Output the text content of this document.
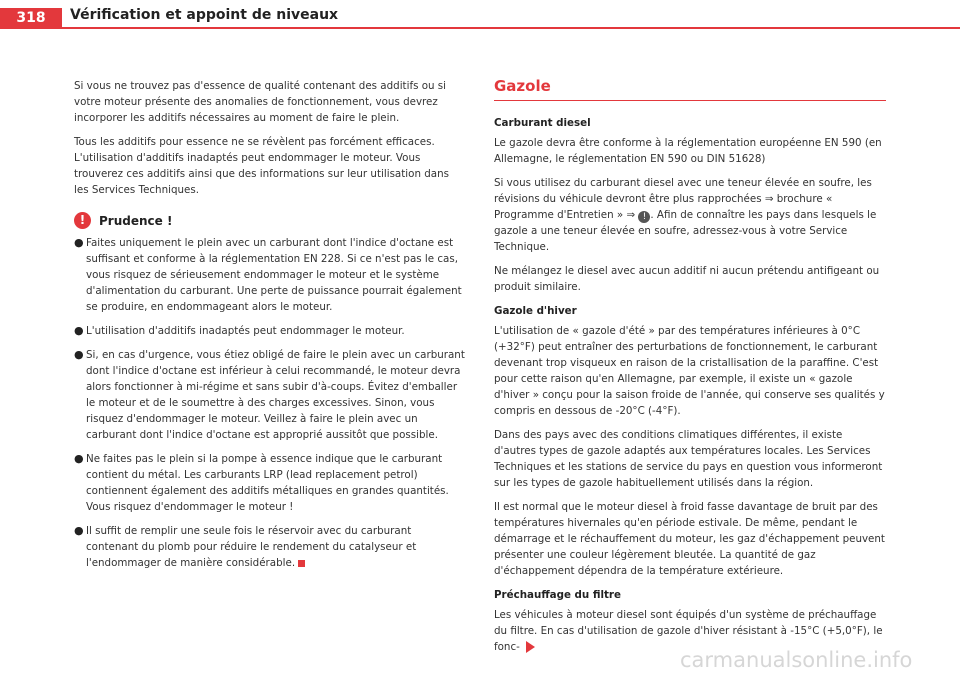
318	Vérification et appoint de niveaux

Si vous ne trouvez pas d'essence de qualité contenant des additifs ou si votre moteur présente des anomalies de fonctionnement, vous devrez incorporer les additifs nécessaires au moment de faire le plein.

Tous les additifs pour essence ne se révèlent pas forcément efficaces. L'utilisation d'additifs inadaptés peut endommager le moteur. Vous trouverez ces additifs ainsi que des informations sur leur utilisation dans les Services Techniques.

!	Prudence !
● Faites uniquement le plein avec un carburant dont l'indice d'octane est suffisant et conforme à la réglementation EN 228. Si ce n'est pas le cas, vous risquez de sérieusement endommager le moteur et le système d'alimentation du carburant. Une perte de puissance pourrait également se produire, en endommageant alors le moteur.
● L'utilisation d'additifs inadaptés peut endommager le moteur.
● Si, en cas d'urgence, vous étiez obligé de faire le plein avec un carburant dont l'indice d'octane est inférieur à celui recommandé, le moteur devra alors fonctionner à mi-régime et sans subir d'à-coups. Évitez d'emballer le moteur et de le soumettre à des charges excessives. Sinon, vous risquez d'endommager le moteur. Veillez à faire le plein avec un carburant dont l'indice d'octane est approprié aussitôt que possible.
● Ne faites pas le plein si la pompe à essence indique que le carburant contient du métal. Les carburants LRP (lead replacement petrol) contiennent également des additifs métalliques en grandes quantités. Vous risquez d'endommager le moteur !
● Il suffit de remplir une seule fois le réservoir avec du carburant contenant du plomb pour réduire le rendement du catalyseur et l'endommager de manière considérable.
Gazole
Carburant diesel

Le gazole devra être conforme à la réglementation européenne EN 590 (en Allemagne, le réglementation EN 590 ou DIN 51628)

Si vous utilisez du carburant diesel avec une teneur élevée en soufre, les révisions du véhicule devront être plus rapprochées ⇒ brochure « Programme d'Entretien » ⇒ ! . Afin de connaître les pays dans lesquels le gazole a une teneur élevée en soufre, adressez-vous à votre Service Technique.

Ne mélangez le diesel avec aucun additif ni aucun prétendu antifigeant ou produit similaire.

Gazole d'hiver

L'utilisation de « gazole d'été » par des températures inférieures à 0°C (+32°F) peut entraîner des perturbations de fonctionnement, le carburant devenant trop visqueux en raison de la cristallisation de la paraffine. C'est pour cette raison qu'en Allemagne, par exemple, il existe un « gazole d'hiver » conçu pour la saison froide de l'année, qui conserve ses qualités y compris en dessous de -20°C (-4°F).

Dans des pays avec des conditions climatiques différentes, il existe d'autres types de gazole adaptés aux températures locales. Les Services Techniques et les stations de service du pays en question vous informeront sur les types de gazole habituellement utilisés dans la région.

Il est normal que le moteur diesel à froid fasse davantage de bruit par des températures hivernales qu'en période estivale. De même, pendant le démarrage et le réchauffement du moteur, les gaz d'échappement peuvent présenter une couleur légèrement bleutée. La quantité de gaz d'échappement dépendra de la température extérieure.

Préchauffage du filtre

Les véhicules à moteur diesel sont équipés d'un système de préchauffage du filtre. En cas d'utilisation de gazole d'hiver résistant à -15°C (+5,0°F), le fonc-

carmanualsonline.info
